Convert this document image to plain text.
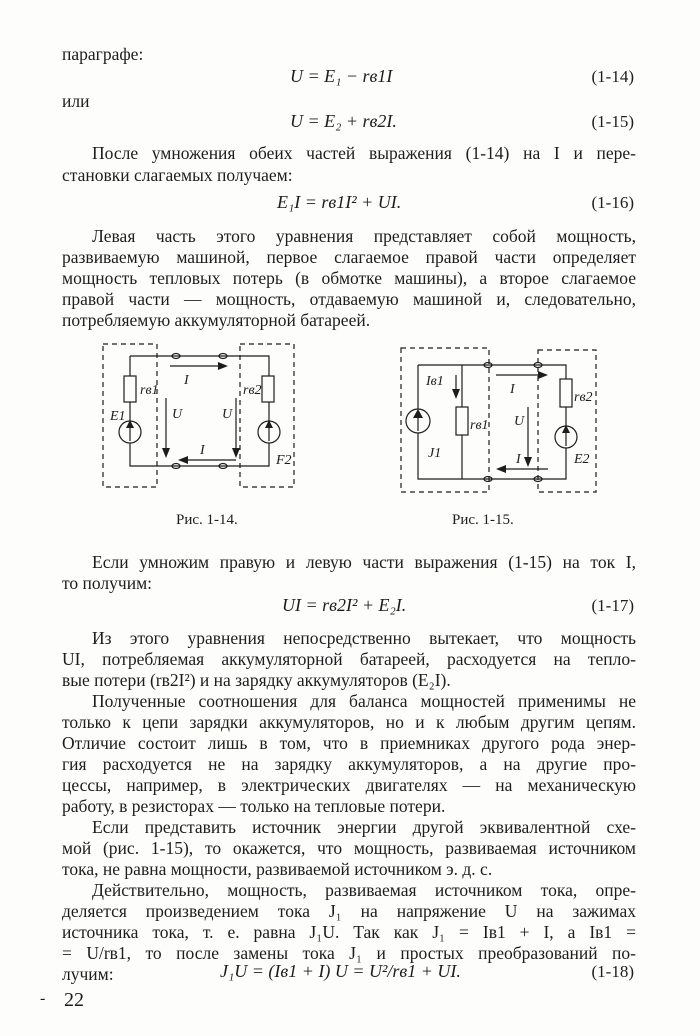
параграфе:
U = E₁ − rв1I	(1-14)
или
U = E₂ + rв2I.	(1-15)
После умножения обеих частей выражения (1-14) на I и пере-
становки слагаемых получаем:
E₁I = rв1I² + UI.	(1-16)
Левая часть этого уравнения представляет собой мощность,
развиваемую машиной, первое слагаемое правой части определяет
мощность тепловых потерь (в обмотке машины), а второе слагаемое
правой части — мощность, отдаваемую машиной и, следовательно,
потребляемую аккумуляторной батареей.
rв1	rв2
E1
F2
U	U
I
I
Рис. 1-14.
Iв1
rв1
J1
rв2
E2
U
I
I
Рис. 1-15.
Если умножим правую и левую части выражения (1-15) на ток I,
то получим:
UI = rв2I² + E₂I.	(1-17)
Из этого уравнения непосредственно вытекает, что мощность
UI, потребляемая аккумуляторной батареей, расходуется на тепло-
вые потери (rв2I²) и на зарядку аккумуляторов (E₂I).
Полученные соотношения для баланса мощностей применимы не
только к цепи зарядки аккумуляторов, но и к любым другим цепям.
Отличие состоит лишь в том, что в приемниках другого рода энер-
гия расходуется не на зарядку аккумуляторов, а на другие про-
цессы, например, в электрических двигателях — на механическую
работу, в резисторах — только на тепловые потери.
Если представить источник энергии другой эквивалентной схе-
мой (рис. 1-15), то окажется, что мощность, развиваемая источником
тока, не равна мощности, развиваемой источником э. д. с.
Действительно, мощность, развиваемая источником тока, опре-
деляется произведением тока J₁ на напряжение U на зажимах
источника тока, т. е. равна J₁U. Так как J₁ = Iв1 + I, а Iв1 =
= U/rв1, то после замены тока J₁ и простых преобразований по-
лучим:	J₁U = (Iв1 + I) U = U²/rв1 + UI.	(1-18)
- 22
